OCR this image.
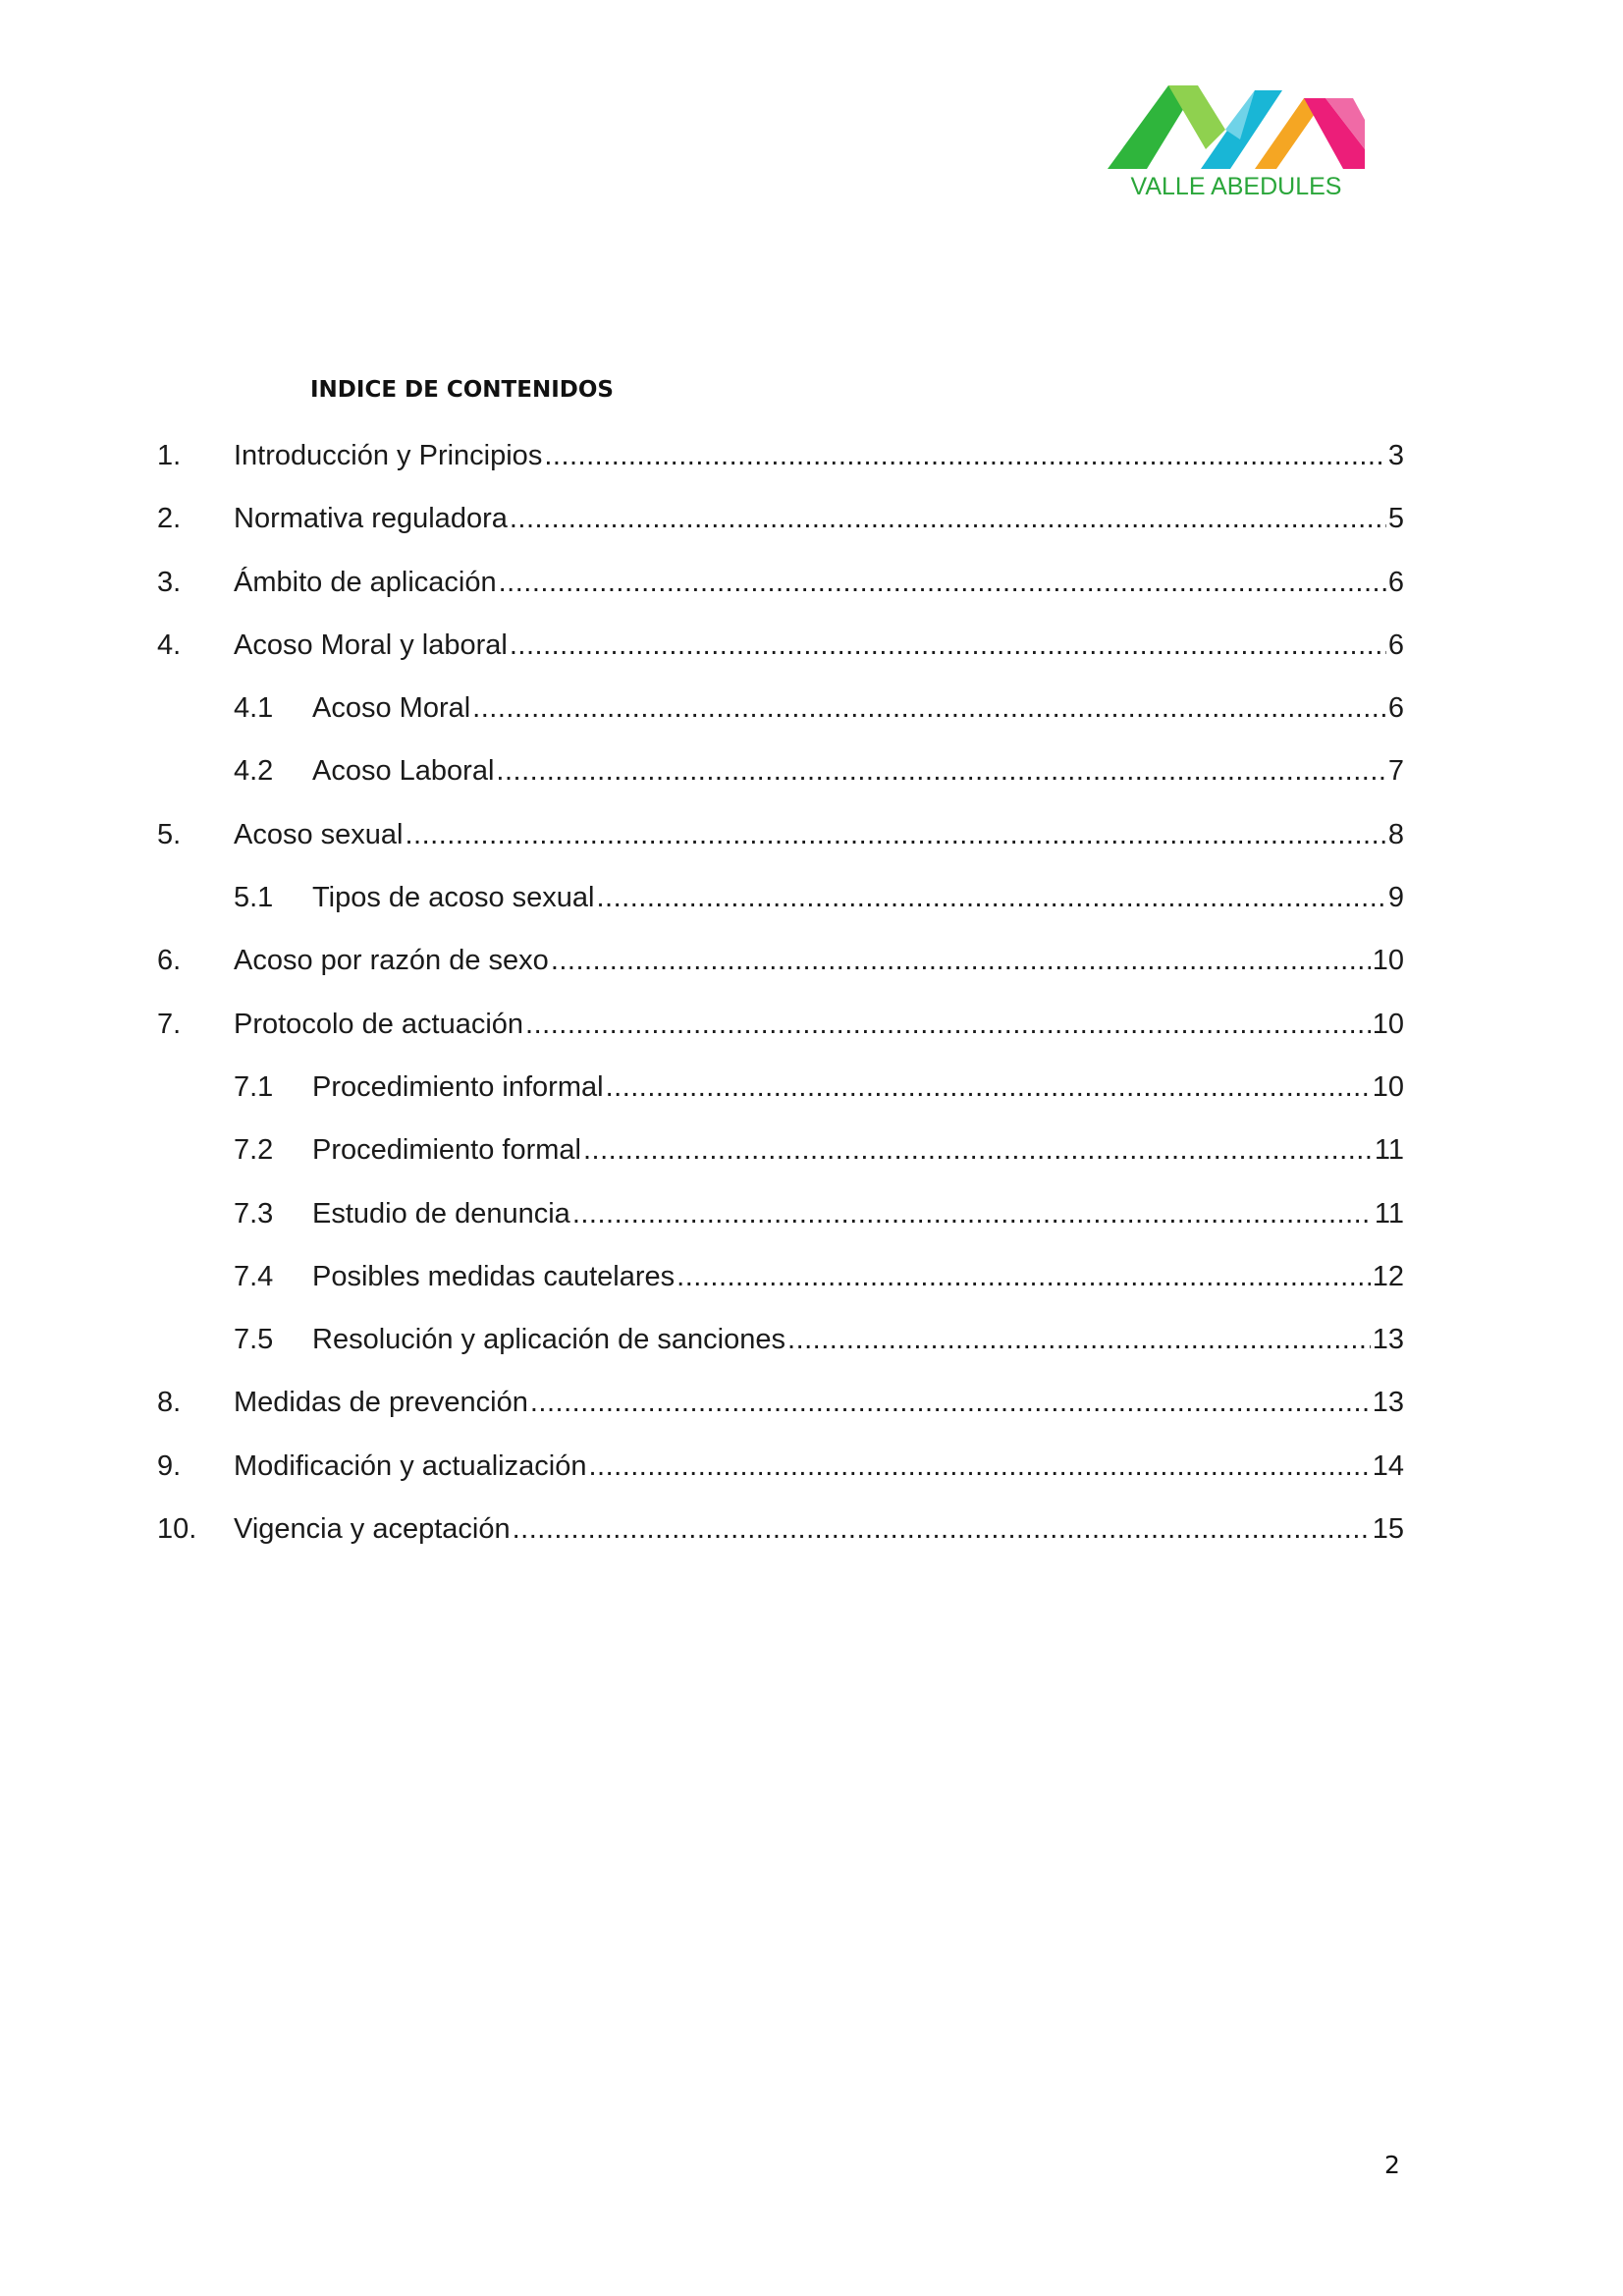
VALLE ABEDULES
INDICE DE CONTENIDOS
1.	Introducción y Principios .....	3
2.	Normativa reguladora .....	5
3.	Ámbito de aplicación .....	6
4.	Acoso Moral y laboral .....	6
4.1	Acoso Moral .....	6
4.2	Acoso Laboral .....	7
5.	Acoso sexual .....	8
5.1	Tipos de acoso sexual .....	9
6.	Acoso por razón de sexo .....	10
7.	Protocolo de actuación .....	10
7.1	Procedimiento informal .....	10
7.2	Procedimiento formal .....	11
7.3	Estudio de denuncia .....	11
7.4	Posibles medidas cautelares .....	12
7.5	Resolución y aplicación de sanciones .....	13
8.	Medidas de prevención .....	13
9.	Modificación y actualización .....	14
10.	Vigencia y aceptación .....	15
2
